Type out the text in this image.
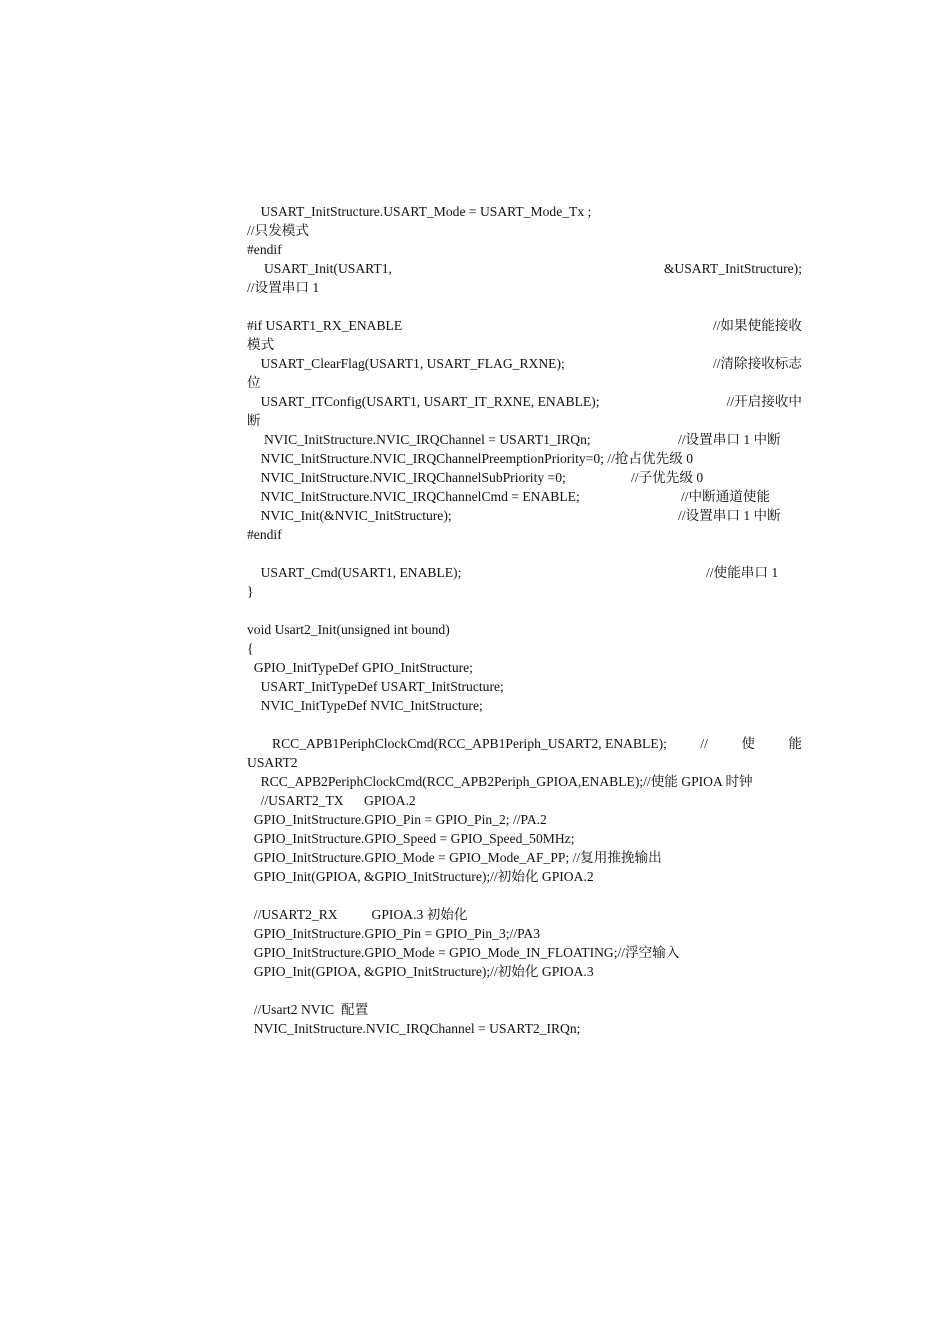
USART_InitStructure.USART_Mode = USART_Mode_Tx ;
//只发模式
#endif
USART_Init(USART1,	&USART_InitStructure);
//设置串口 1
#if USART1_RX_ENABLE	//如果使能接收
模式
USART_ClearFlag(USART1, USART_FLAG_RXNE);	//清除接收标志
位
USART_ITConfig(USART1, USART_IT_RXNE, ENABLE);	//开启接收中
断
NVIC_InitStructure.NVIC_IRQChannel = USART1_IRQn;	//设置串口 1 中断
NVIC_InitStructure.NVIC_IRQChannelPreemptionPriority=0; //抢占优先级 0
NVIC_InitStructure.NVIC_IRQChannelSubPriority =0;	//子优先级 0
NVIC_InitStructure.NVIC_IRQChannelCmd = ENABLE;	//中断通道使能
NVIC_Init(&NVIC_InitStructure);	//设置串口 1 中断
#endif
USART_Cmd(USART1, ENABLE);	//使能串口 1
}
void Usart2_Init(unsigned int bound)
{
GPIO_InitTypeDef GPIO_InitStructure;
USART_InitTypeDef USART_InitStructure;
NVIC_InitTypeDef NVIC_InitStructure;

RCC_APB1PeriphClockCmd(RCC_APB1Periph_USART2, ENABLE); // 使 能

USART2
RCC_APB2PeriphClockCmd(RCC_APB2Periph_GPIOA,ENABLE);//使能 GPIOA 时钟
//USART2_TX      GPIOA.2
GPIO_InitStructure.GPIO_Pin = GPIO_Pin_2; //PA.2
GPIO_InitStructure.GPIO_Speed = GPIO_Speed_50MHz;
GPIO_InitStructure.GPIO_Mode = GPIO_Mode_AF_PP; //复用推挽输出
GPIO_Init(GPIOA, &GPIO_InitStructure);//初始化 GPIOA.2
//USART2_RX          GPIOA.3 初始化
GPIO_InitStructure.GPIO_Pin = GPIO_Pin_3;//PA3
GPIO_InitStructure.GPIO_Mode = GPIO_Mode_IN_FLOATING;//浮空输入
GPIO_Init(GPIOA, &GPIO_InitStructure);//初始化 GPIOA.3
//Usart2 NVIC  配置
NVIC_InitStructure.NVIC_IRQChannel = USART2_IRQn;
